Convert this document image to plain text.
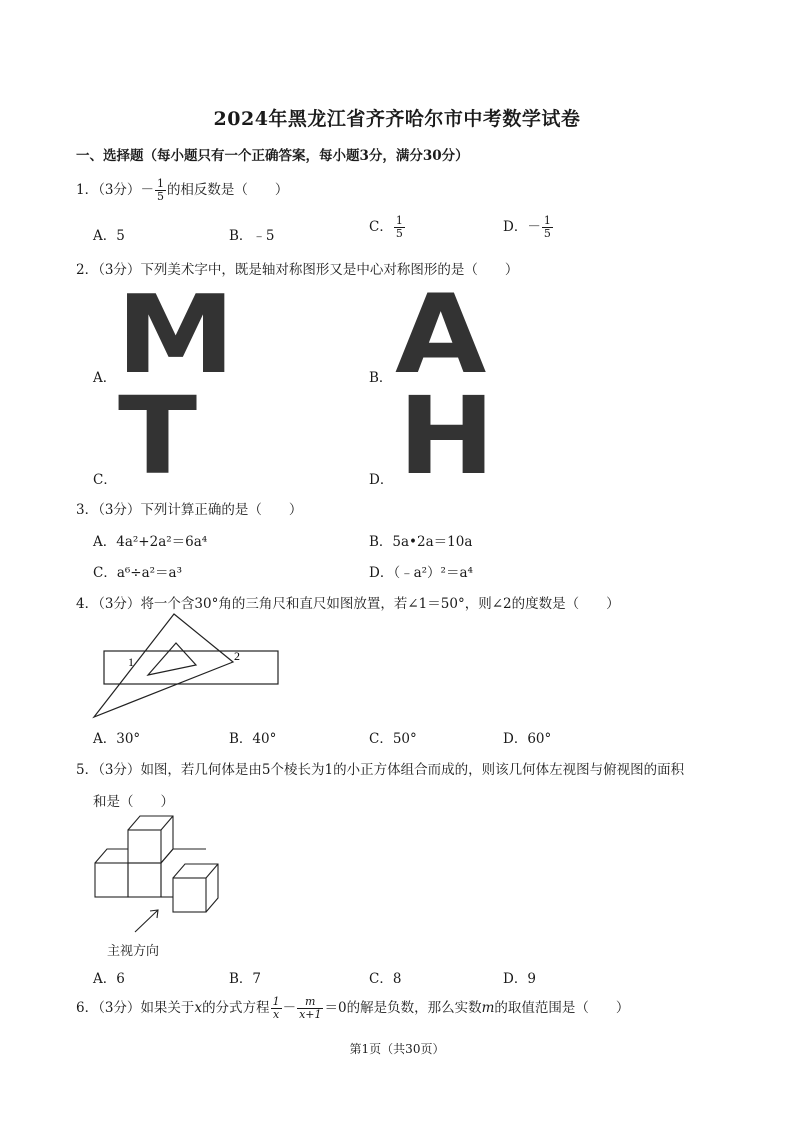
2024年黑龙江省齐齐哈尔市中考数学试卷
一、选择题（每小题只有一个正确答案，每小题3分，满分30分）
1．（3分）－ $\frac{1}{5}$ 的相反数是（　　）
A．5	B．﹣5
C． $\frac{1}{5}$	D．－ $\frac{1}{5}$
2．（3分）下列美术字中，既是轴对称图形又是中心对称图形的是（　　）
A． M	B． A
C． T	D． H
3．（3分）下列计算正确的是（　　）
A．4a²+2a²＝6a⁴	B．5a•2a＝10a
C．a⁶÷a²＝a³	D．（﹣a²）²＝a⁴
4．（3分）将一个含30°角的三角尺和直尺如图放置，若∠1＝50°，则∠2的度数是（　　）
1	2
A．30°	B．40°	C．50°	D．60°
5．（3分）如图，若几何体是由5个棱长为1的小正方体组合而成的，则该几何体左视图与俯视图的面积
和是（　　）
主视方向
A．6	B．7	C．8	D．9
6．（3分）如果关于x的分式方程 $\frac{1}{x} - \frac{m}{x+1} =0$的解是负数，那么实数m的取值范围是（　　）
第1页（共30页）
